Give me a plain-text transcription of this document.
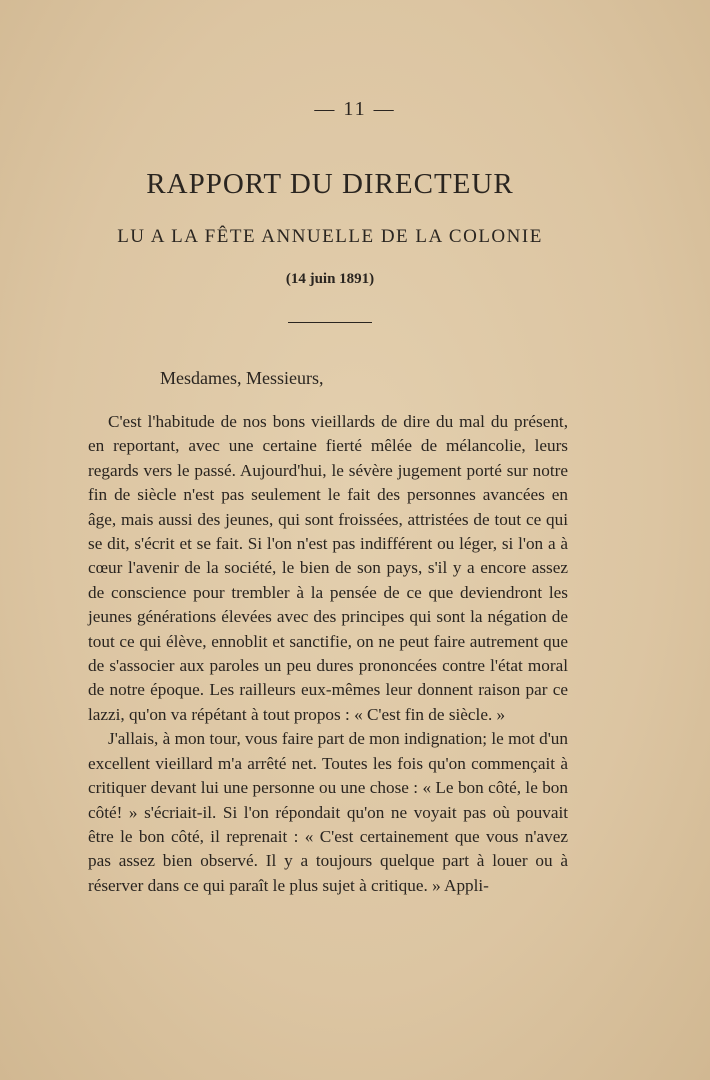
— 11 —
RAPPORT DU DIRECTEUR
LU A LA FÊTE ANNUELLE DE LA COLONIE
(14 juin 1891)
Mesdames, Messieurs,

C'est l'habitude de nos bons vieillards de dire du mal du présent, en reportant, avec une certaine fierté mêlée de mélancolie, leurs regards vers le passé. Aujourd'hui, le sévère jugement porté sur notre fin de siècle n'est pas seulement le fait des personnes avancées en âge, mais aussi des jeunes, qui sont froissées, attristées de tout ce qui se dit, s'écrit et se fait. Si l'on n'est pas indifférent ou léger, si l'on a à cœur l'avenir de la société, le bien de son pays, s'il y a encore assez de conscience pour trembler à la pensée de ce que deviendront les jeunes générations élevées avec des principes qui sont la négation de tout ce qui élève, ennoblit et sanctifie, on ne peut faire autrement que de s'associer aux paroles un peu dures prononcées contre l'état moral de notre époque. Les railleurs eux-mêmes leur donnent raison par ce lazzi, qu'on va répétant à tout propos : « C'est fin de siècle. »

J'allais, à mon tour, vous faire part de mon indignation; le mot d'un excellent vieillard m'a arrêté net. Toutes les fois qu'on commençait à critiquer devant lui une personne ou une chose : « Le bon côté, le bon côté! » s'écriait-il. Si l'on répondait qu'on ne voyait pas où pouvait être le bon côté, il reprenait : « C'est certainement que vous n'avez pas assez bien observé. Il y a toujours quelque part à louer ou à réserver dans ce qui paraît le plus sujet à critique. » Appli-
